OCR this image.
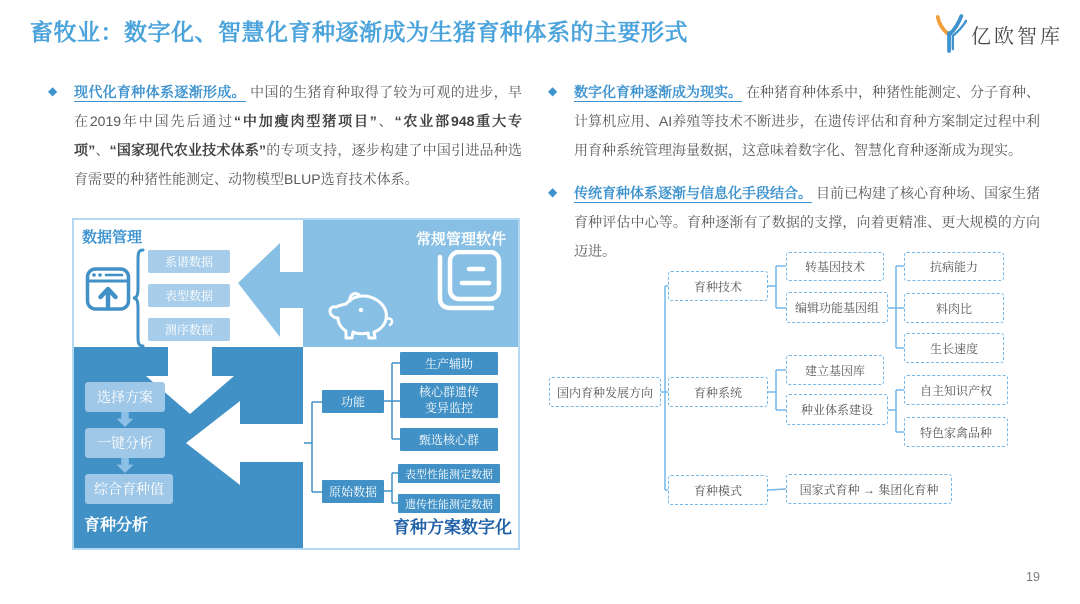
畜牧业：数字化、智慧化育种逐渐成为生猪育种体系的主要形式	亿欧智库
◆	现代化育种体系逐渐形成。 中国的生猪育种取得了较为可观的进步，早在2019年中国先后通过“中加瘦肉型猪项目”、“农业部948重大专项”、“国家现代农业技术体系”的专项支持，逐步构建了中国引进品种选育需要的种猪性能测定、动物模型BLUP选育技术体系。
◆	数字化育种逐渐成为现实。 在种猪育种体系中，种猪性能测定、分子育种、计算机应用、AI养殖等技术不断进步，在遗传评估和育种方案制定过程中利用育种系统管理海量数据，这意味着数字化、智慧化育种逐渐成为现实。
◆	传统育种体系逐渐与信息化手段结合。 目前已构建了核心育种场、国家生猪育种评估中心等。育种逐渐有了数据的支撑，向着更精准、更大规模的方向迈进。
数据管理
系谱数据
表型数据
测序数据
常规管理软件
选择方案
一键分析
综合育种值
育种分析
功能
原始数据
生产辅助
核心群遗传变异监控
甄选核心群
表型性能测定数据
遗传性能测定数据
育种方案数字化
国内育种发展方向
育种技术
育种系统
育种模式
转基因技术
编辑功能基因组
建立基因库
种业体系建设
国家式育种 → 集团化育种
抗病能力
料肉比
生长速度
自主知识产权
特色家禽品种
19
